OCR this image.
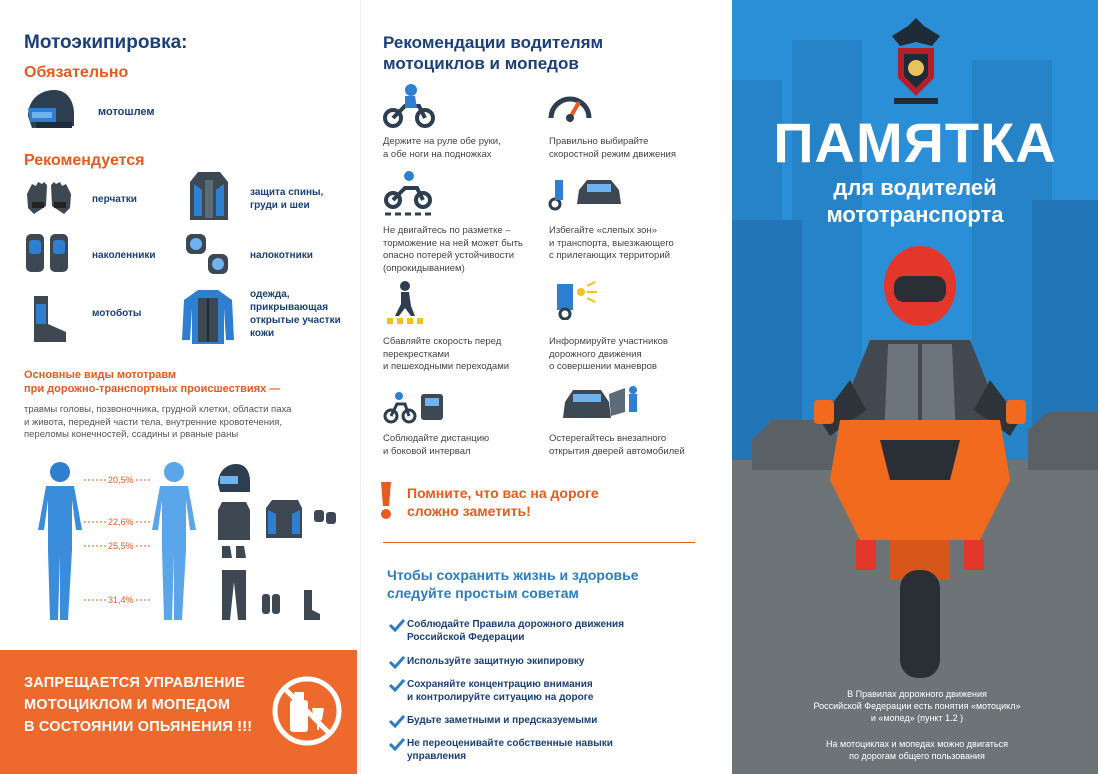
Мотоэкипировка:
Обязательно
мотошлем
Рекомендуется
перчатки
защита спины, груди и шеи
наколенники	налокотники
мотоботы
одежда, прикрывающая открытые участки кожи
Основные виды мототравм
при дорожно-транспортных происшествиях —
травмы головы, позвоночника, грудной клетки, области паха
и живота, передней части тела, внутренние кровотечения,
переломы конечностей, ссадины и рваные раны
20,5%
22,6%
25,5%
31,4%
ЗАПРЕЩАЕТСЯ УПРАВЛЕНИЕ
МОТОЦИКЛОМ И МОПЕДОМ
В СОСТОЯНИИ ОПЬЯНЕНИЯ !!!
Рекомендации водителям
мотоциклов и мопедов
Держите на руле обе руки,
а обе ноги на подножках
Правильно выбирайте
скоростной режим движения
Не двигайтесь по разметке –
торможение на ней может быть
опасно потерей устойчивости
(опрокидыванием)
Избегайте «слепых зон»
и транспорта, выезжающего
с прилегающих территорий
Сбавляйте скорость перед
перекрестками
и пешеходными переходами
Информируйте участников
дорожного движения
о совершении маневров
Соблюдайте дистанцию
и боковой интервал
Остерегайтесь внезапного
открытия дверей автомобилей
Помните, что вас на дороге
сложно заметить!
Чтобы сохранить жизнь и здоровье
следуйте простым советам
Соблюдайте Правила дорожного движения
Российской Федерации
Используйте защитную экипировку
Сохраняйте концентрацию внимания
и контролируйте ситуацию на дороге
Будьте заметными и предсказуемыми
Не переоценивайте собственные навыки
управления
ПАМЯТКА
для водителей
мототранспорта
В Правилах дорожного движения
Российской Федерации есть понятия «мотоцикл»
и «мопед» (пункт 1.2 )
На мотоциклах и мопедах можно двигаться
по дорогам общего пользования
